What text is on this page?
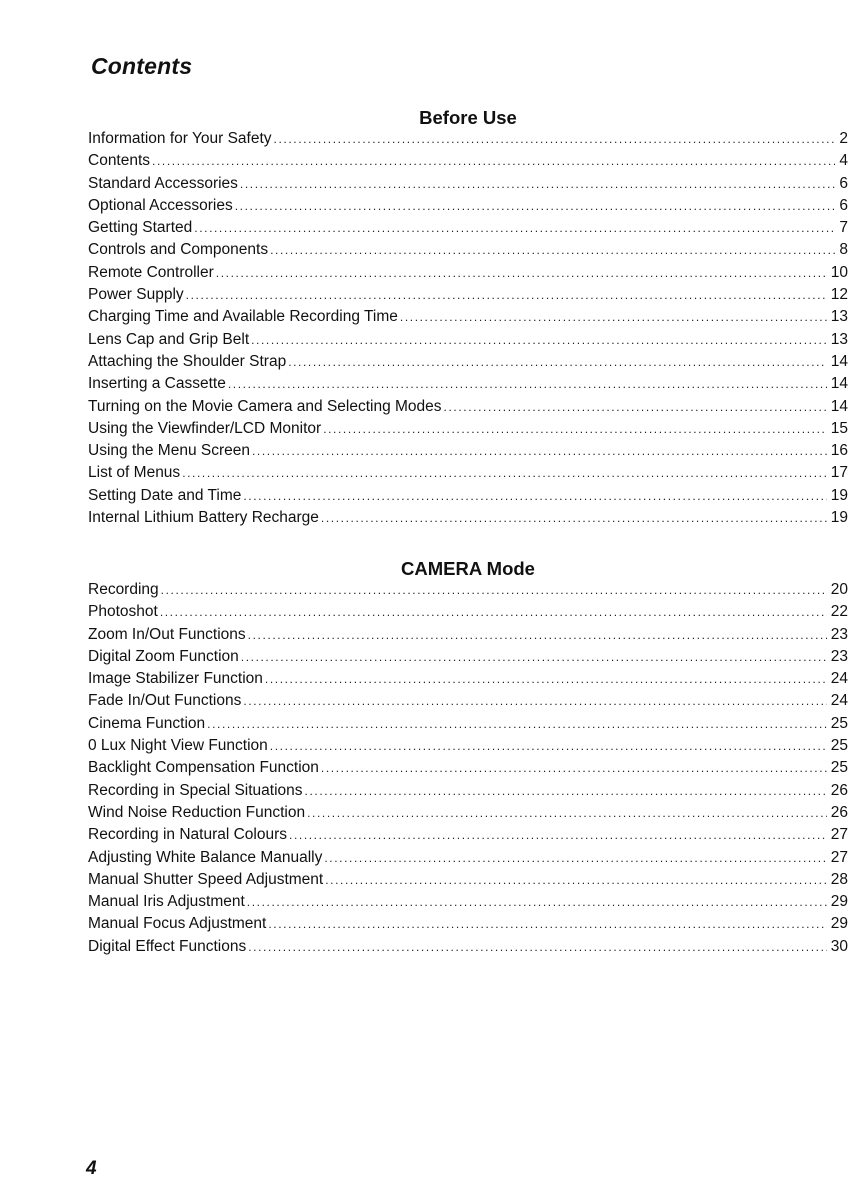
Contents
Before Use
Information for Your Safety .....	2
Contents .....	4
Standard Accessories .....	6
Optional Accessories .....	6
Getting Started .....	7
Controls and Components .....	8
Remote Controller .....	10
Power Supply .....	12
Charging Time and Available Recording Time .....	13
Lens Cap and Grip Belt .....	13
Attaching the Shoulder Strap .....	14
Inserting a Cassette .....	14
Turning on the Movie Camera and Selecting Modes .....	14
Using the Viewfinder/LCD Monitor .....	15
Using the Menu Screen .....	16
List of Menus .....	17
Setting Date and Time .....	19
Internal Lithium Battery Recharge .....	19
CAMERA Mode
Recording .....	20
Photoshot .....	22
Zoom In/Out Functions .....	23
Digital Zoom Function .....	23
Image Stabilizer Function .....	24
Fade In/Out Functions .....	24
Cinema Function .....	25
0 Lux Night View Function .....	25
Backlight Compensation Function .....	25
Recording in Special Situations .....	26
Wind Noise Reduction Function .....	26
Recording in Natural Colours .....	27
Adjusting White Balance Manually .....	27
Manual Shutter Speed Adjustment .....	28
Manual Iris Adjustment .....	29
Manual Focus Adjustment .....	29
Digital Effect Functions .....	30
4
